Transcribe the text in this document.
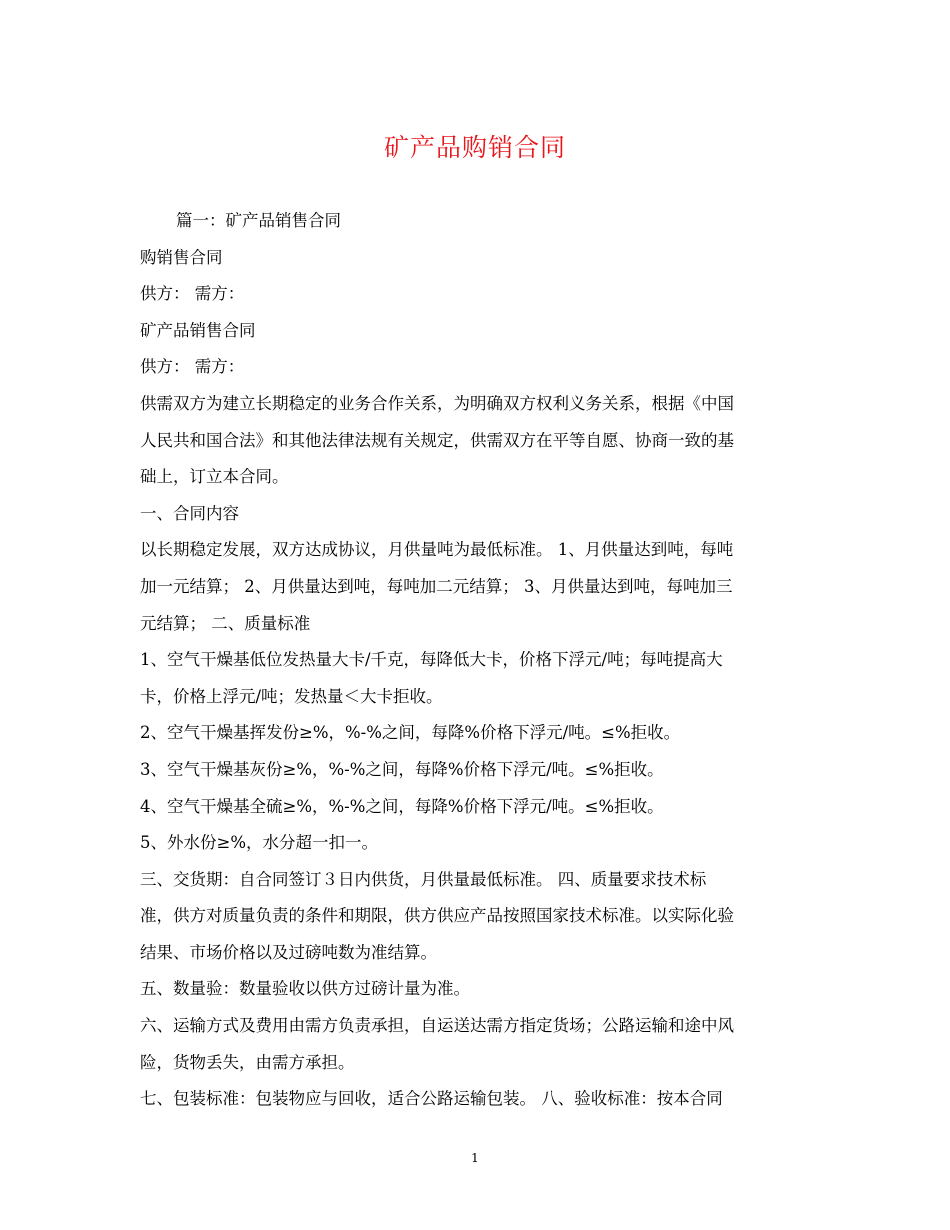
矿产品购销合同

篇一：矿产品销售合同

购销售合同

供方： 需方：

矿产品销售合同

供方： 需方：

供需双方为建立长期稳定的业务合作关系，为明确双方权利义务关系，根据《中国

人民共和国合法》和其他法律法规有关规定，供需双方在平等自愿、协商一致的基

础上，订立本合同。

一、合同内容

以长期稳定发展，双方达成协议，月供量吨为最低标准。 1、月供量达到吨，每吨

加一元结算； 2、月供量达到吨，每吨加二元结算； 3、月供量达到吨，每吨加三

元结算； 二、质量标准

1、空气干燥基低位发热量大卡/千克，每降低大卡，价格下浮元/吨；每吨提高大

卡，价格上浮元/吨；发热量＜大卡拒收。

2、空气干燥基挥发份≥%，%-%之间，每降%价格下浮元/吨。≤%拒收。

3、空气干燥基灰份≥%，%-%之间，每降%价格下浮元/吨。≤%拒收。

4、空气干燥基全硫≥%，%-%之间，每降%价格下浮元/吨。≤%拒收。

5、外水份≥%，水分超一扣一。

三、交货期：自合同签订３日内供货，月供量最低标准。 四、质量要求技术标

准，供方对质量负责的条件和期限，供方供应产品按照国家技术标准。以实际化验

结果、市场价格以及过磅吨数为准结算。

五、数量验：数量验收以供方过磅计量为准。

六、运输方式及费用由需方负责承担，自运送达需方指定货场；公路运输和途中风

险，货物丢失，由需方承担。

七、包装标准：包装物应与回收，适合公路运输包装。 八、验收标准：按本合同

1
